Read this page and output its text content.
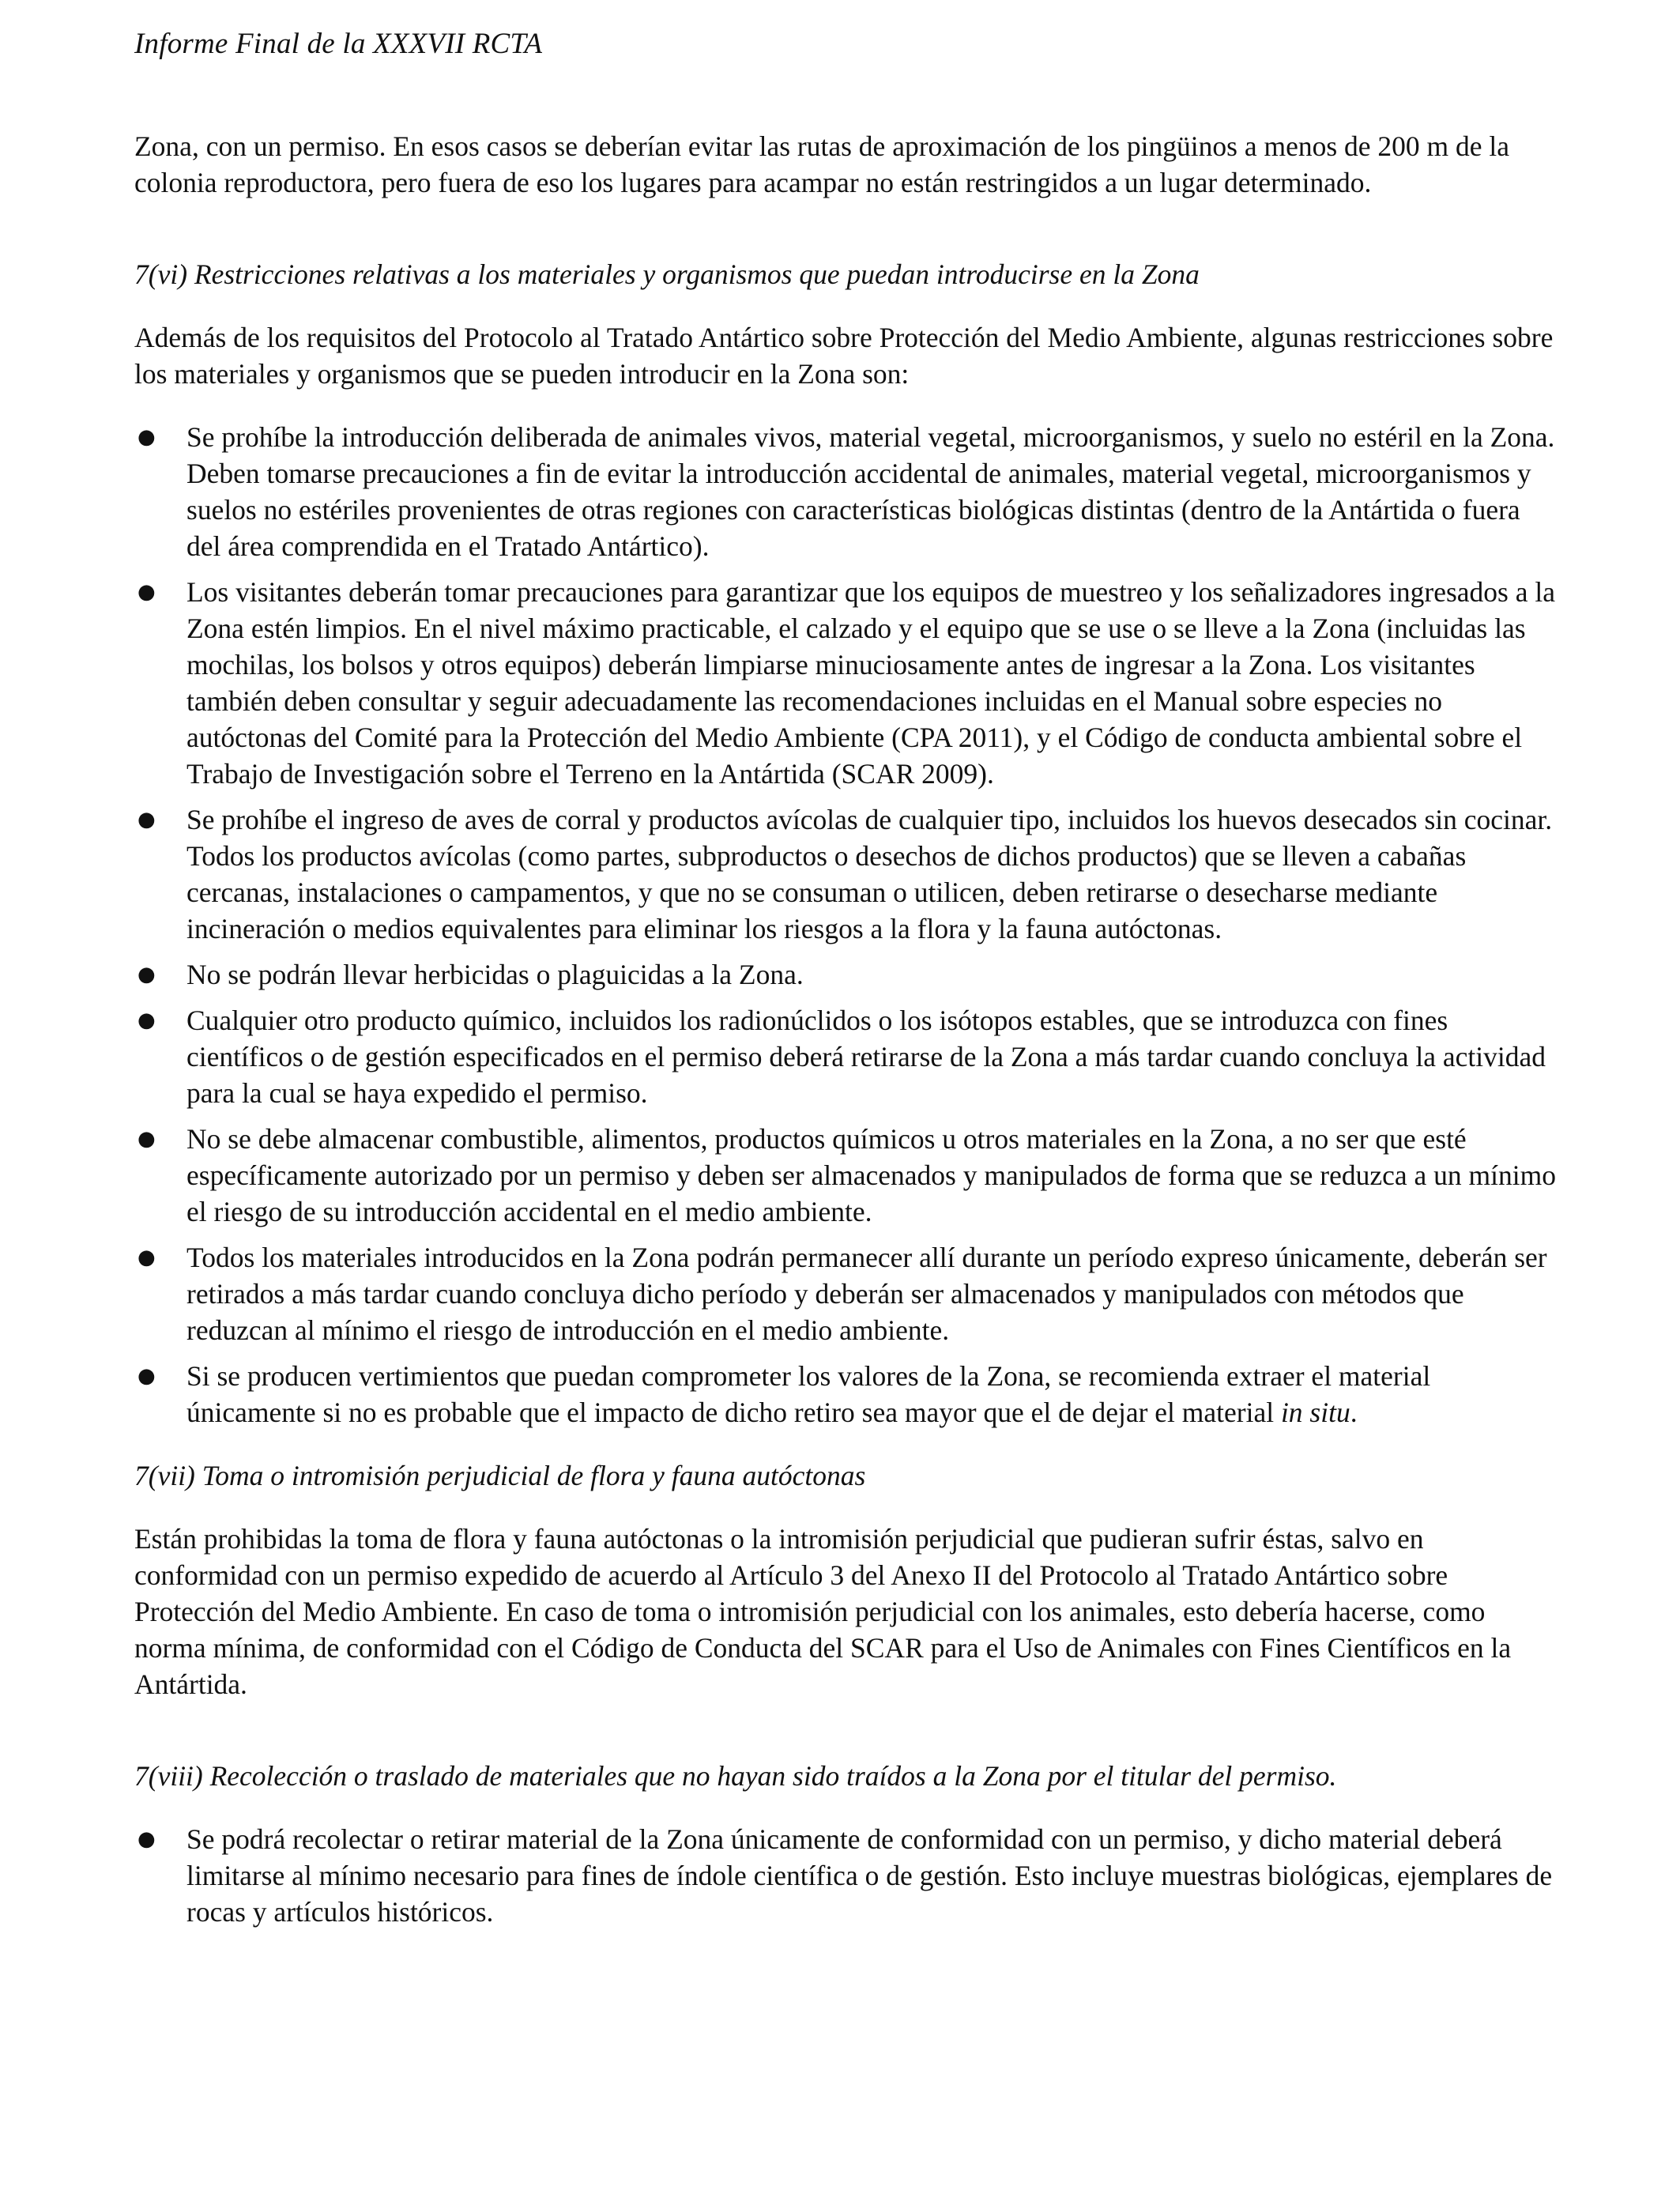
Informe Final de la XXXVII RCTA

Zona, con un permiso. En esos casos se deberían evitar las rutas de aproximación de los pingüinos a menos de 200 m de la colonia reproductora, pero fuera de eso los lugares para acampar no están restringidos a un lugar determinado.

7(vi) Restricciones relativas a los materiales y organismos que puedan introducirse en la Zona

Además de los requisitos del Protocolo al Tratado Antártico sobre Protección del Medio Ambiente, algunas restricciones sobre los materiales y organismos que se pueden introducir en la Zona son:

● Se prohíbe la introducción deliberada de animales vivos, material vegetal, microorganismos, y suelo no estéril en la Zona. Deben tomarse precauciones a fin de evitar la introducción accidental de animales, material vegetal, microorganismos y suelos no estériles provenientes de otras regiones con características biológicas distintas (dentro de la Antártida o fuera del área comprendida en el Tratado Antártico).
● Los visitantes deberán tomar precauciones para garantizar que los equipos de muestreo y los señalizadores ingresados a la Zona estén limpios. En el nivel máximo practicable, el calzado y el equipo que se use o se lleve a la Zona (incluidas las mochilas, los bolsos y otros equipos) deberán limpiarse minuciosamente antes de ingresar a la Zona. Los visitantes también deben consultar y seguir adecuadamente las recomendaciones incluidas en el Manual sobre especies no autóctonas del Comité para la Protección del Medio Ambiente (CPA 2011), y el Código de conducta ambiental sobre el Trabajo de Investigación sobre el Terreno en la Antártida (SCAR 2009).
● Se prohíbe el ingreso de aves de corral y productos avícolas de cualquier tipo, incluidos los huevos desecados sin cocinar. Todos los productos avícolas (como partes, subproductos o desechos de dichos productos) que se lleven a cabañas cercanas, instalaciones o campamentos, y que no se consuman o utilicen, deben retirarse o desecharse mediante incineración o medios equivalentes para eliminar los riesgos a la flora y la fauna autóctonas.
● No se podrán llevar herbicidas o plaguicidas a la Zona.
● Cualquier otro producto químico, incluidos los radionúclidos o los isótopos estables, que se introduzca con fines científicos o de gestión especificados en el permiso deberá retirarse de la Zona a más tardar cuando concluya la actividad para la cual se haya expedido el permiso.
● No se debe almacenar combustible, alimentos, productos químicos u otros materiales en la Zona, a no ser que esté específicamente autorizado por un permiso y deben ser almacenados y manipulados de forma que se reduzca a un mínimo el riesgo de su introducción accidental en el medio ambiente.
● Todos los materiales introducidos en la Zona podrán permanecer allí durante un período expreso únicamente, deberán ser retirados a más tardar cuando concluya dicho período y deberán ser almacenados y manipulados con métodos que reduzcan al mínimo el riesgo de introducción en el medio ambiente.
● Si se producen vertimientos que puedan comprometer los valores de la Zona, se recomienda extraer el material únicamente si no es probable que el impacto de dicho retiro sea mayor que el de dejar el material in situ.

7(vii) Toma o intromisión perjudicial de flora y fauna autóctonas

Están prohibidas la toma de flora y fauna autóctonas o la intromisión perjudicial que pudieran sufrir éstas, salvo en conformidad con un permiso expedido de acuerdo al Artículo 3 del Anexo II del Protocolo al Tratado Antártico sobre Protección del Medio Ambiente. En caso de toma o intromisión perjudicial con los animales, esto debería hacerse, como norma mínima, de conformidad con el Código de Conducta del SCAR para el Uso de Animales con Fines Científicos en la Antártida.

7(viii) Recolección o traslado de materiales que no hayan sido traídos a la Zona por el titular del permiso.

● Se podrá recolectar o retirar material de la Zona únicamente de conformidad con un permiso, y dicho material deberá limitarse al mínimo necesario para fines de índole científica o de gestión. Esto incluye muestras biológicas, ejemplares de rocas y artículos históricos.
